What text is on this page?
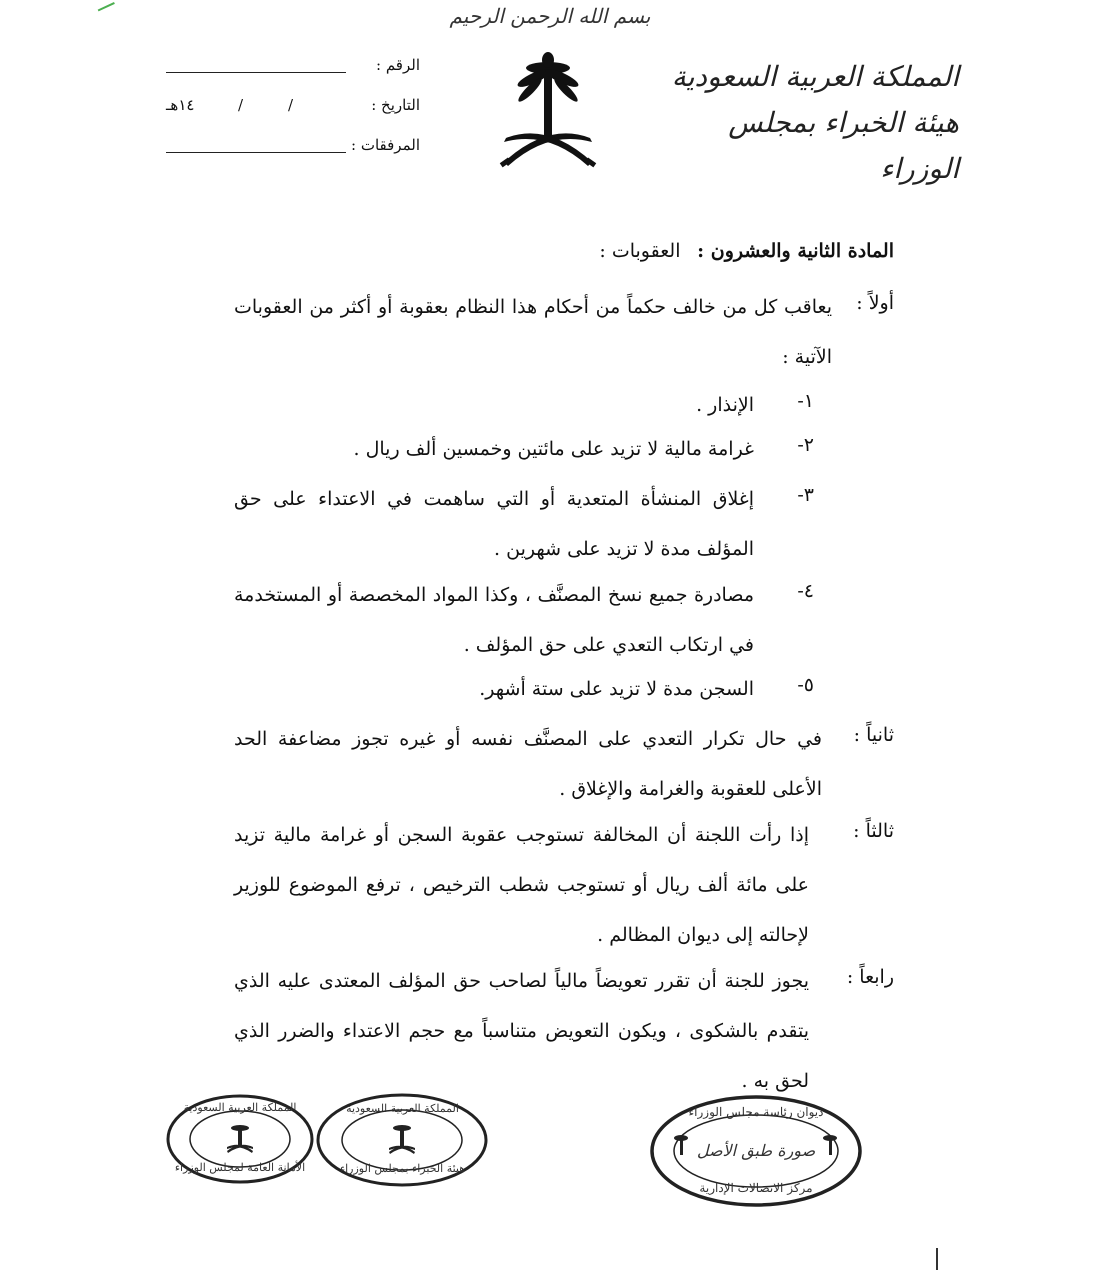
بسم الله الرحمن الرحيم
المملكة العربية السعودية
هيئة الخبراء بمجلس الوزراء
الرقم :
التاريخ :
١٤هـ	/	/
المرفقات :
المادة الثانية والعشرون : العقوبات :
أولاً :
يعاقب كل من خالف حكماً من أحكام هذا النظام بعقوبة أو أكثر من العقوبات الآتية :
١-
الإنذار .
٢-
غرامة مالية لا تزيد على مائتين وخمسين ألف ريال .
٣-
إغلاق المنشأة المتعدية أو التي ساهمت في الاعتداء على حق المؤلف مدة لا تزيد على شهرين .
٤-
مصادرة جميع نسخ المصنَّف ، وكذا المواد المخصصة أو المستخدمة في ارتكاب التعدي على حق المؤلف .
٥-
السجن مدة لا تزيد على ستة أشهر.
ثانياً :
في حال تكرار التعدي على المصنَّف نفسه أو غيره تجوز مضاعفة الحد الأعلى للعقوبة والغرامة والإغلاق .
ثالثاً :
إذا رأت اللجنة أن المخالفة تستوجب عقوبة السجن أو غرامة مالية تزيد على مائة ألف ريال أو تستوجب شطب الترخيص ، ترفع الموضوع للوزير لإحالته إلى ديوان المظالم .
رابعاً :
يجوز للجنة أن تقرر تعويضاً مالياً لصاحب حق المؤلف المعتدى عليه الذي يتقدم بالشكوى ، ويكون التعويض متناسباً مع حجم الاعتداء والضرر الذي لحق به .
المملكة العربية السعودية
الأمانة العامة لمجلس الوزراء
المملكة العربية السعودية
هيئة الخبراء بمجلس الوزراء
ديوان رئاسة مجلس الوزراء
صورة طبق الأصل
مركز الاتصالات الإدارية
